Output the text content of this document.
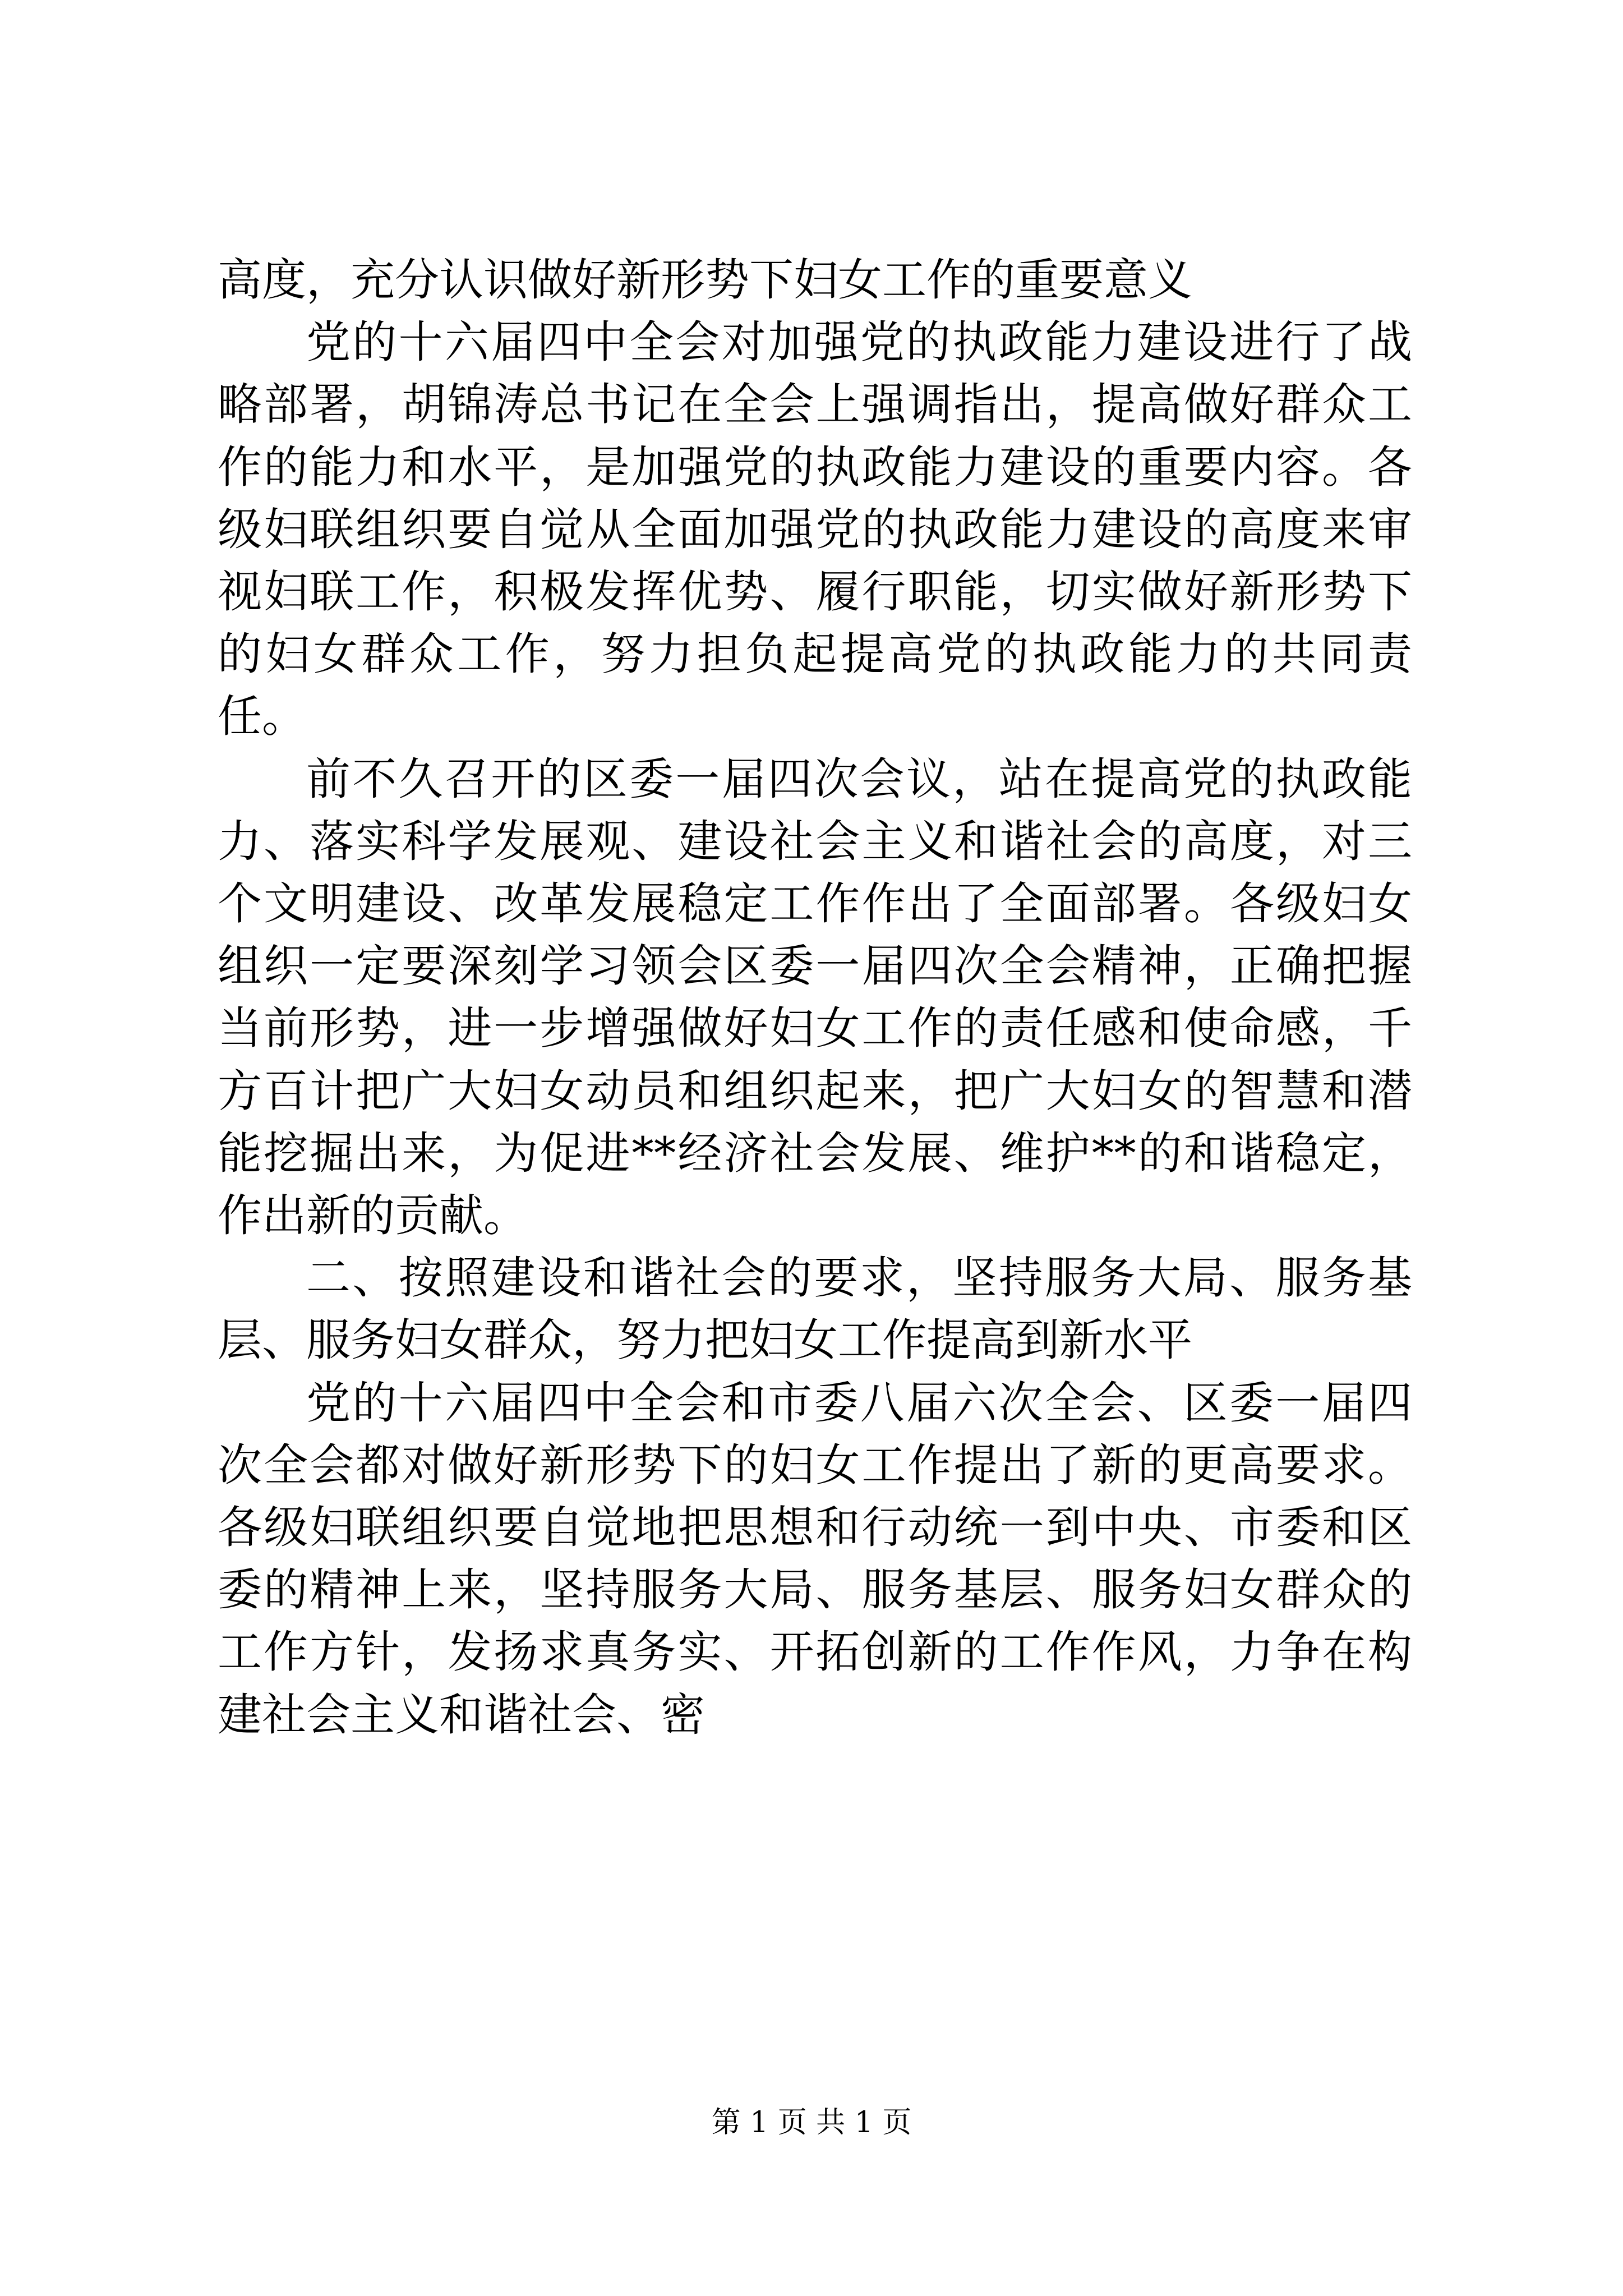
高度，充分认识做好新形势下妇女工作的重要意义

党的十六届四中全会对加强党的执政能力建设进行了战略部署，胡锦涛总书记在全会上强调指出，提高做好群众工作的能力和水平，是加强党的执政能力建设的重要内容。各级妇联组织要自觉从全面加强党的执政能力建设的高度来审视妇联工作，积极发挥优势、履行职能，切实做好新形势下的妇女群众工作，努力担负起提高党的执政能力的共同责任。

前不久召开的区委一届四次会议，站在提高党的执政能力、落实科学发展观、建设社会主义和谐社会的高度，对三个文明建设、改革发展稳定工作作出了全面部署。各级妇女组织一定要深刻学习领会区委一届四次全会精神，正确把握当前形势，进一步增强做好妇女工作的责任感和使命感，千方百计把广大妇女动员和组织起来，把广大妇女的智慧和潜能挖掘出来，为促进**经济社会发展、维护**的和谐稳定，作出新的贡献。

二、按照建设和谐社会的要求，坚持服务大局、服务基层、服务妇女群众，努力把妇女工作提高到新水平

党的十六届四中全会和市委八届六次全会、区委一届四次全会都对做好新形势下的妇女工作提出了新的更高要求。各级妇联组织要自觉地把思想和行动统一到中央、市委和区委的精神上来，坚持服务大局、服务基层、服务妇女群众的工作方针，发扬求真务实、开拓创新的工作作风，力争在构建社会主义和谐社会、密

第 1 页 共 1 页
